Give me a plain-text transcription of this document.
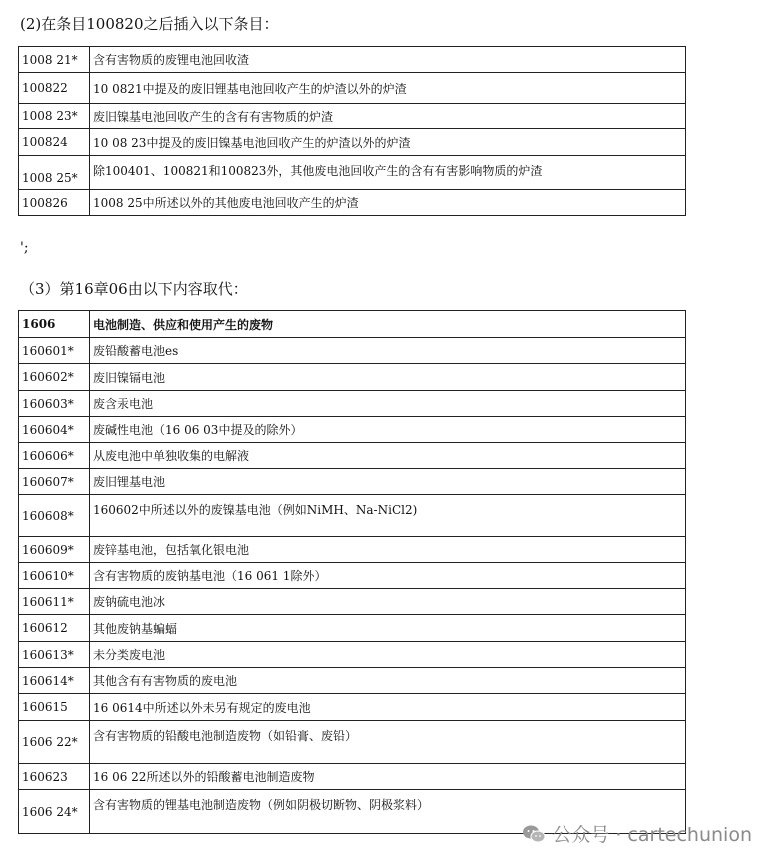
(2)在条目100820之后插入以下条目：
1008 21*	含有害物质的废锂电池回收渣
100822	10 0821中提及的废旧锂基电池回收产生的炉渣以外的炉渣
1008 23*	废旧镍基电池回收产生的含有有害物质的炉渣
100824	10 08 23中提及的废旧镍基电池回收产生的炉渣以外的炉渣
1008 25*	除100401、100821和100823外，其他废电池回收产生的含有有害影响物质的炉渣
100826	1008 25中所述以外的其他废电池回收产生的炉渣
';
（3）第16章06由以下内容取代：
1606	电池制造、供应和使用产生的废物
160601*	废铅酸蓄电池es
160602*	废旧镍镉电池
160603*	废含汞电池
160604*	废碱性电池（16 06 03中提及的除外）
160606*	从废电池中单独收集的电解液
160607*	废旧锂基电池
160608*	160602中所述以外的废镍基电池（例如NiMH、Na-NiCl2)
160609*	废锌基电池，包括氧化银电池
160610*	含有害物质的废钠基电池（16 061 1除外）
160611*	废钠硫电池冰
160612	其他废钠基蝙蝠
160613*	未分类废电池
160614*	其他含有有害物质的废电池
160615	16 0614中所述以外未另有规定的废电池
1606 22*	含有害物质的铅酸电池制造废物（如铅膏、废铅）
160623	16 06 22所述以外的铅酸蓄电池制造废物
1606 24*	含有害物质的锂基电池制造废物（例如阴极切断物、阴极浆料）
公众号 · cartechunion
